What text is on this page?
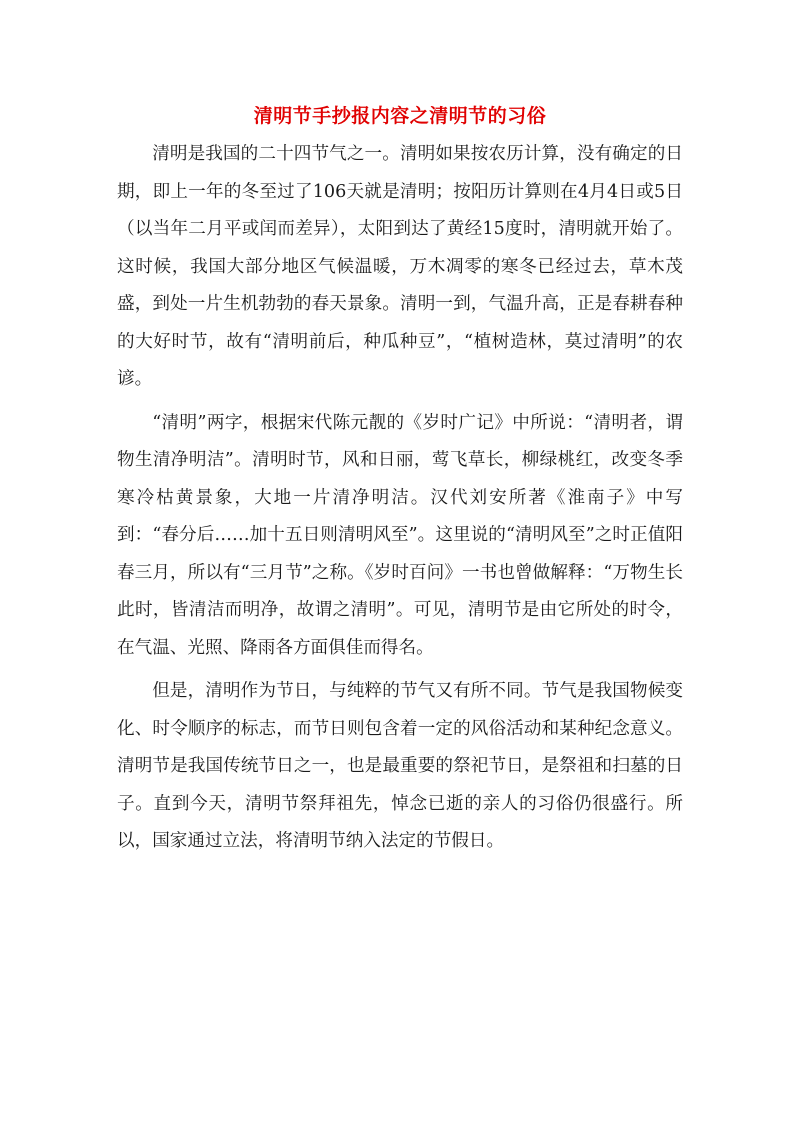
清明节手抄报内容之清明节的习俗

清明是我国的二十四节气之一。清明如果按农历计算，没有确定的日期，即上一年的冬至过了106天就是清明；按阳历计算则在4月4日或5日（以当年二月平或闰而差异），太阳到达了黄经15度时，清明就开始了。这时候，我国大部分地区气候温暖，万木凋零的寒冬已经过去，草木茂盛，到处一片生机勃勃的春天景象。清明一到，气温升高，正是春耕春种的大好时节，故有“清明前后，种瓜种豆”，“植树造林，莫过清明”的农谚。

“清明”两字，根据宋代陈元靓的《岁时广记》中所说：“清明者，谓物生清净明洁”。清明时节，风和日丽，莺飞草长，柳绿桃红，改变冬季寒冷枯黄景象，大地一片清净明洁。汉代刘安所著《淮南子》中写到：“春分后……加十五日则清明风至”。这里说的“清明风至”之时正值阳春三月，所以有“三月节”之称。《岁时百问》一书也曾做解释：“万物生长此时，皆清洁而明净，故谓之清明”。可见，清明节是由它所处的时令，在气温、光照、降雨各方面俱佳而得名。

但是，清明作为节日，与纯粹的节气又有所不同。节气是我国物候变化、时令顺序的标志，而节日则包含着一定的风俗活动和某种纪念意义。清明节是我国传统节日之一，也是最重要的祭祀节日，是祭祖和扫墓的日子。直到今天，清明节祭拜祖先，悼念已逝的亲人的习俗仍很盛行。所以，国家通过立法，将清明节纳入法定的节假日。
